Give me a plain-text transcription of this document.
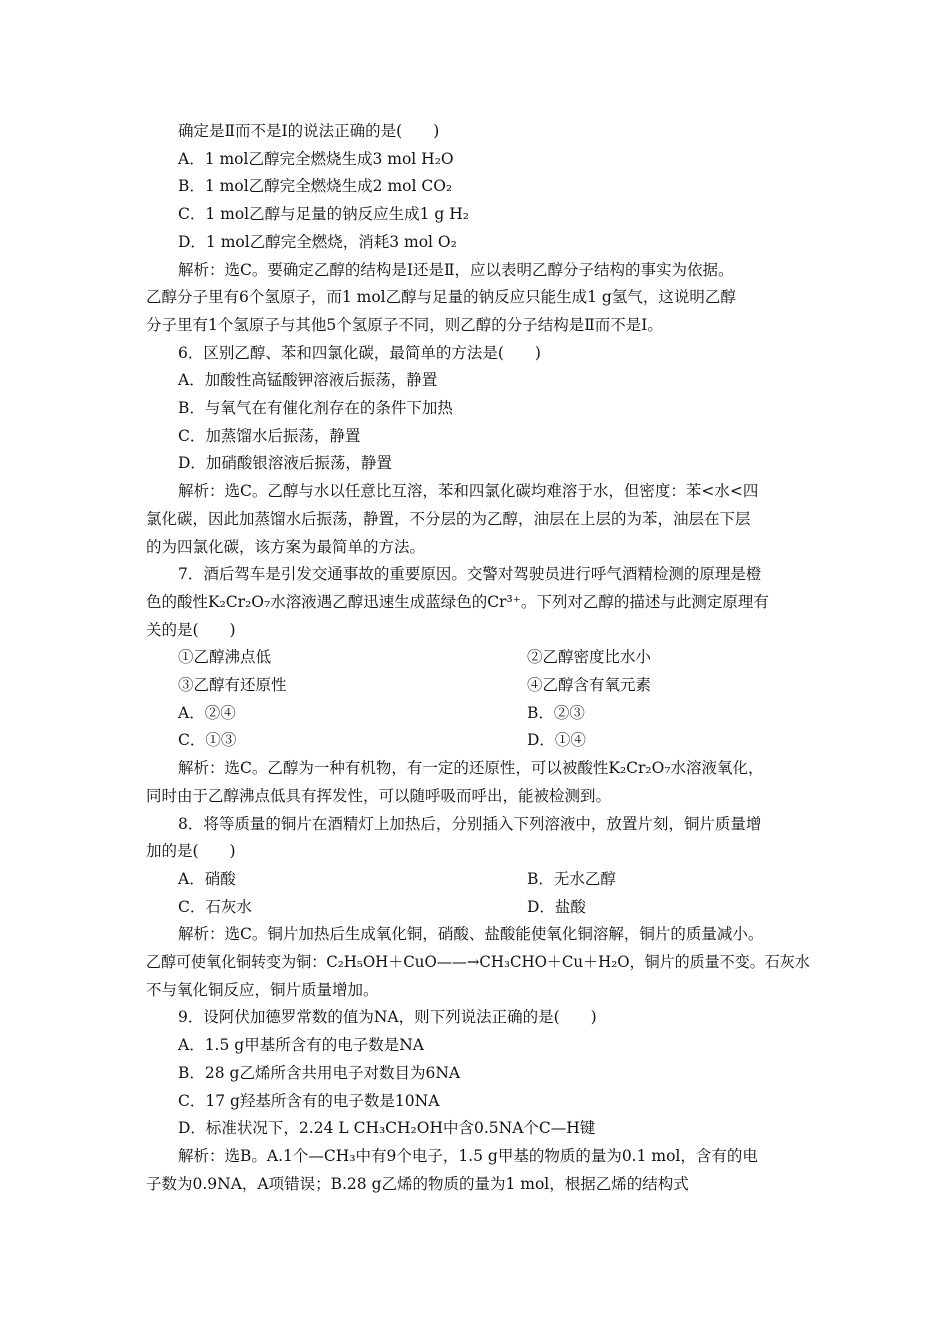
确定是Ⅱ而不是Ⅰ的说法正确的是(　　)
A．1 mol乙醇完全燃烧生成3 mol H₂O
B．1 mol乙醇完全燃烧生成2 mol CO₂
C．1 mol乙醇与足量的钠反应生成1 g H₂
D．1 mol乙醇完全燃烧，消耗3 mol O₂
解析：选C。要确定乙醇的结构是Ⅰ还是Ⅱ，应以表明乙醇分子结构的事实为依据。
乙醇分子里有6个氢原子，而1 mol乙醇与足量的钠反应只能生成1 g氢气，这说明乙醇
分子里有1个氢原子与其他5个氢原子不同，则乙醇的分子结构是Ⅱ而不是Ⅰ。
6．区别乙醇、苯和四氯化碳，最简单的方法是(　　)
A．加酸性高锰酸钾溶液后振荡，静置
B．与氧气在有催化剂存在的条件下加热
C．加蒸馏水后振荡，静置
D．加硝酸银溶液后振荡，静置
解析：选C。乙醇与水以任意比互溶，苯和四氯化碳均难溶于水，但密度：苯<水<四
氯化碳，因此加蒸馏水后振荡，静置，不分层的为乙醇，油层在上层的为苯，油层在下层
的为四氯化碳，该方案为最简单的方法。
7．酒后驾车是引发交通事故的重要原因。交警对驾驶员进行呼气酒精检测的原理是橙
色的酸性K₂Cr₂O₇水溶液遇乙醇迅速生成蓝绿色的Cr³⁺。下列对乙醇的描述与此测定原理有
关的是(　　)
①乙醇沸点低	②乙醇密度比水小
③乙醇有还原性	④乙醇含有氧元素
A．②④	B．②③
C．①③	D．①④
解析：选C。乙醇为一种有机物，有一定的还原性，可以被酸性K₂Cr₂O₇水溶液氧化，
同时由于乙醇沸点低具有挥发性，可以随呼吸而呼出，能被检测到。
8．将等质量的铜片在酒精灯上加热后，分别插入下列溶液中，放置片刻，铜片质量增
加的是(　　)
A．硝酸	B．无水乙醇
C．石灰水	D．盐酸
解析：选C。铜片加热后生成氧化铜，硝酸、盐酸能使氧化铜溶解，铜片的质量减小。
乙醇可使氧化铜转变为铜：C₂H₅OH＋CuO——→CH₃CHO＋Cu＋H₂O，铜片的质量不变。石灰水
不与氧化铜反应，铜片质量增加。
9．设阿伏加德罗常数的值为NA，则下列说法正确的是(　　)
A．1.5 g甲基所含有的电子数是NA
B．28 g乙烯所含共用电子对数目为6NA
C．17 g羟基所含有的电子数是10NA
D．标准状况下，2.24 L CH₃CH₂OH中含0.5NA个C—H键
解析：选B。A.1个—CH₃中有9个电子，1.5 g甲基的物质的量为0.1 mol，含有的电
子数为0.9NA，A项错误；B.28 g乙烯的物质的量为1 mol，根据乙烯的结构式
